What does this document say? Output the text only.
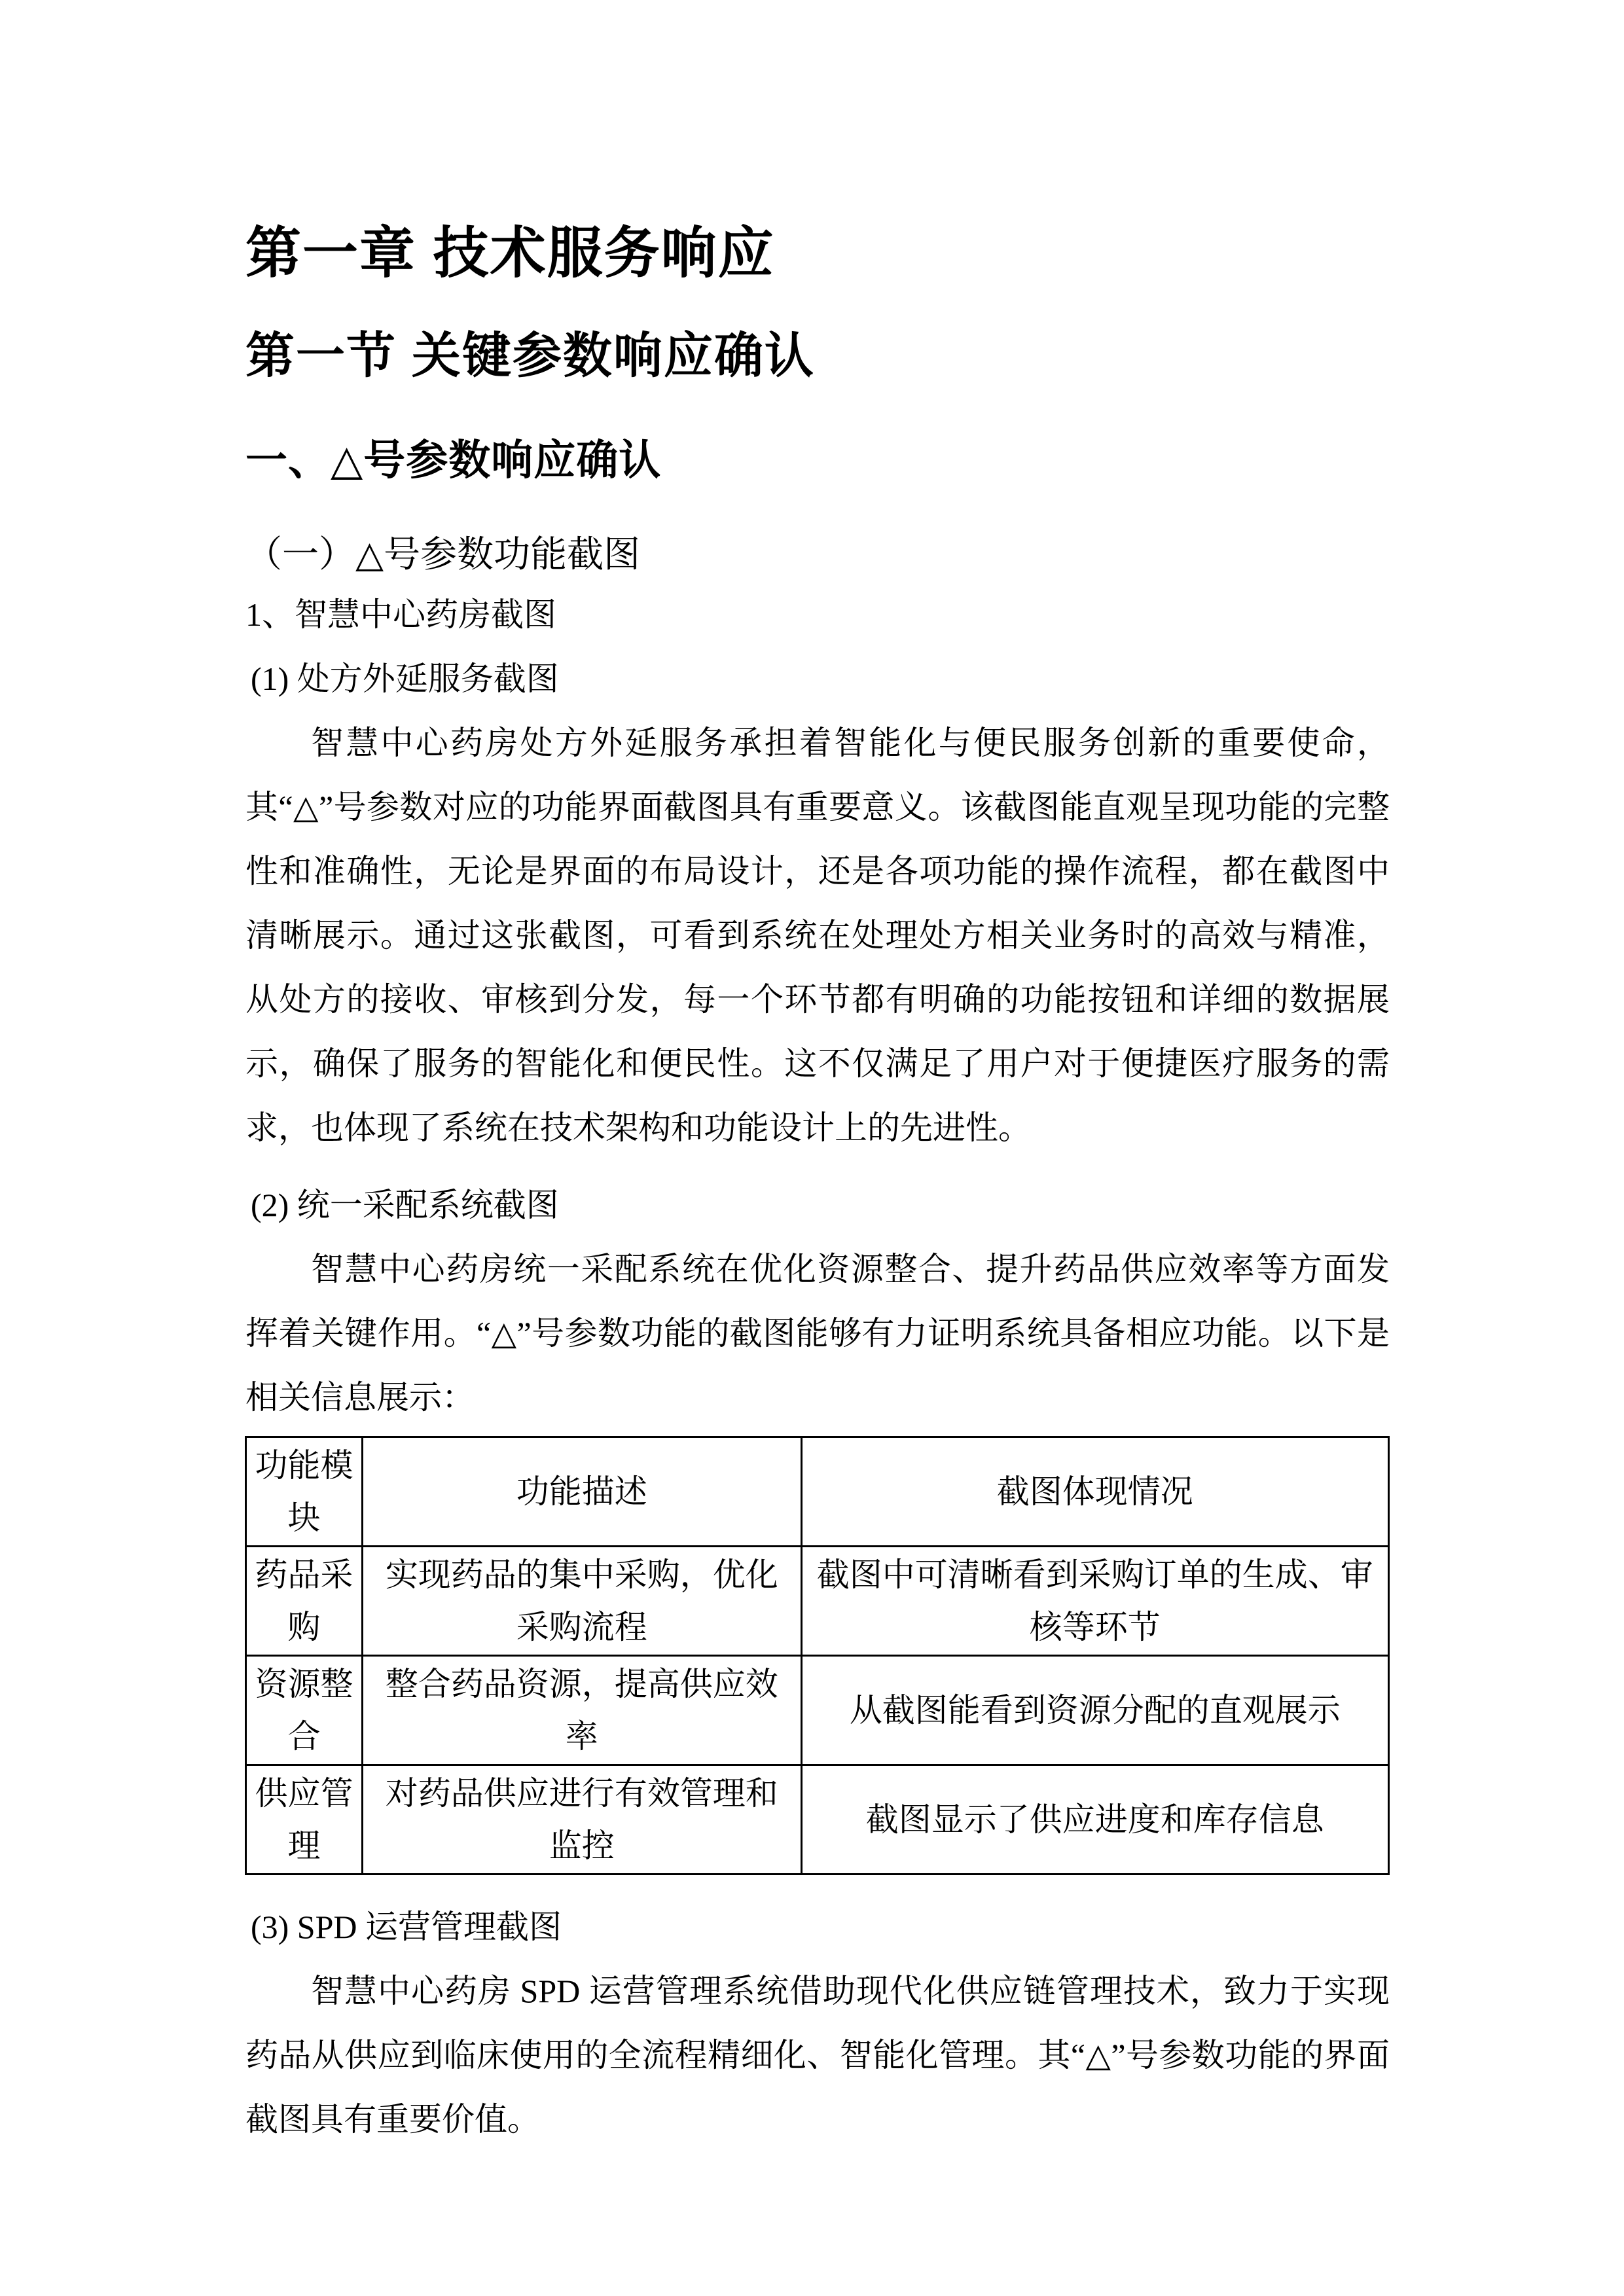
第一章 技术服务响应
第一节 关键参数响应确认
一、△号参数响应确认
（一）△号参数功能截图
1、智慧中心药房截图
(1) 处方外延服务截图

智慧中心药房处方外延服务承担着智能化与便民服务创新的重要使命，其“△”号参数对应的功能界面截图具有重要意义。该截图能直观呈现功能的完整性和准确性，无论是界面的布局设计，还是各项功能的操作流程，都在截图中清晰展示。通过这张截图，可看到系统在处理处方相关业务时的高效与精准，从处方的接收、审核到分发，每一个环节都有明确的功能按钮和详细的数据展示，确保了服务的智能化和便民性。这不仅满足了用户对于便捷医疗服务的需求，也体现了系统在技术架构和功能设计上的先进性。

(2) 统一采配系统截图

智慧中心药房统一采配系统在优化资源整合、提升药品供应效率等方面发挥着关键作用。“△”号参数功能的截图能够有力证明系统具备相应功能。以下是相关信息展示：

功能模块	功能描述	截图体现情况
药品采购	实现药品的集中采购，优化采购流程	截图中可清晰看到采购订单的生成、审核等环节
资源整合	整合药品资源，提高供应效率	从截图能看到资源分配的直观展示
供应管理	对药品供应进行有效管理和监控	截图显示了供应进度和库存信息
(3) SPD 运营管理截图

智慧中心药房 SPD 运营管理系统借助现代化供应链管理技术，致力于实现药品从供应到临床使用的全流程精细化、智能化管理。其“△”号参数功能的界面截图具有重要价值。
